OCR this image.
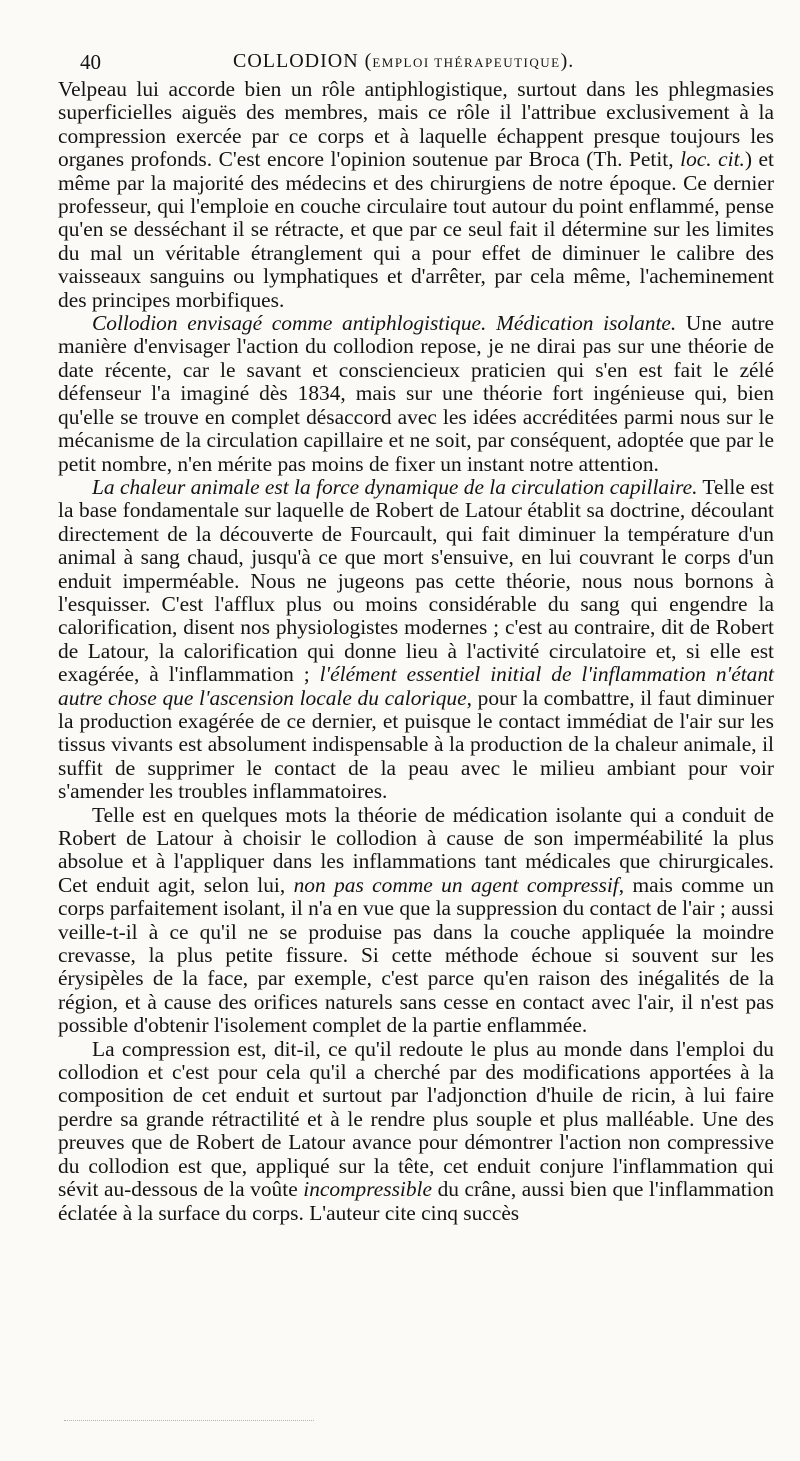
40	COLLODION (EMPLOI THÉRAPEUTIQUE).

Velpeau lui accorde bien un rôle antiphlogistique, surtout dans les phlegmasies superficielles aiguës des membres, mais ce rôle il l'attribue exclusivement à la compression exercée par ce corps et à laquelle échappent presque toujours les organes profonds. C'est encore l'opinion soutenue par Broca (Th. Petit, loc. cit.) et même par la majorité des médecins et des chirurgiens de notre époque. Ce dernier professeur, qui l'emploie en couche circulaire tout autour du point enflammé, pense qu'en se desséchant il se rétracte, et que par ce seul fait il détermine sur les limites du mal un véritable étranglement qui a pour effet de diminuer le calibre des vaisseaux sanguins ou lymphatiques et d'arrêter, par cela même, l'acheminement des principes morbifiques.

Collodion envisagé comme antiphlogistique. Médication isolante. Une autre manière d'envisager l'action du collodion repose, je ne dirai pas sur une théorie de date récente, car le savant et consciencieux praticien qui s'en est fait le zélé défenseur l'a imaginé dès 1834, mais sur une théorie fort ingénieuse qui, bien qu'elle se trouve en complet désaccord avec les idées accréditées parmi nous sur le mécanisme de la circulation capillaire et ne soit, par conséquent, adoptée que par le petit nombre, n'en mérite pas moins de fixer un instant notre attention.

La chaleur animale est la force dynamique de la circulation capillaire. Telle est la base fondamentale sur laquelle de Robert de Latour établit sa doctrine, découlant directement de la découverte de Fourcault, qui fait diminuer la température d'un animal à sang chaud, jusqu'à ce que mort s'ensuive, en lui couvrant le corps d'un enduit imperméable. Nous ne jugeons pas cette théorie, nous nous bornons à l'esquisser. C'est l'afflux plus ou moins considérable du sang qui engendre la calorification, disent nos physiologistes modernes ; c'est au contraire, dit de Robert de Latour, la calorification qui donne lieu à l'activité circulatoire et, si elle est exagérée, à l'inflammation ; l'élément essentiel initial de l'inflammation n'étant autre chose que l'ascension locale du calorique, pour la combattre, il faut diminuer la production exagérée de ce dernier, et puisque le contact immédiat de l'air sur les tissus vivants est absolument indispensable à la production de la chaleur animale, il suffit de supprimer le contact de la peau avec le milieu ambiant pour voir s'amender les troubles inflammatoires.

Telle est en quelques mots la théorie de médication isolante qui a conduit de Robert de Latour à choisir le collodion à cause de son imperméabilité la plus absolue et à l'appliquer dans les inflammations tant médicales que chirurgicales. Cet enduit agit, selon lui, non pas comme un agent compressif, mais comme un corps parfaitement isolant, il n'a en vue que la suppression du contact de l'air ; aussi veille-t-il à ce qu'il ne se produise pas dans la couche appliquée la moindre crevasse, la plus petite fissure. Si cette méthode échoue si souvent sur les érysipèles de la face, par exemple, c'est parce qu'en raison des inégalités de la région, et à cause des orifices naturels sans cesse en contact avec l'air, il n'est pas possible d'obtenir l'isolement complet de la partie enflammée.

La compression est, dit-il, ce qu'il redoute le plus au monde dans l'emploi du collodion et c'est pour cela qu'il a cherché par des modifications apportées à la composition de cet enduit et surtout par l'adjonction d'huile de ricin, à lui faire perdre sa grande rétractilité et à le rendre plus souple et plus malléable. Une des preuves que de Robert de Latour avance pour démontrer l'action non compressive du collodion est que, appliqué sur la tête, cet enduit conjure l'inflammation qui sévit au-dessous de la voûte incompressible du crâne, aussi bien que l'inflammation éclatée à la surface du corps. L'auteur cite cinq succès
